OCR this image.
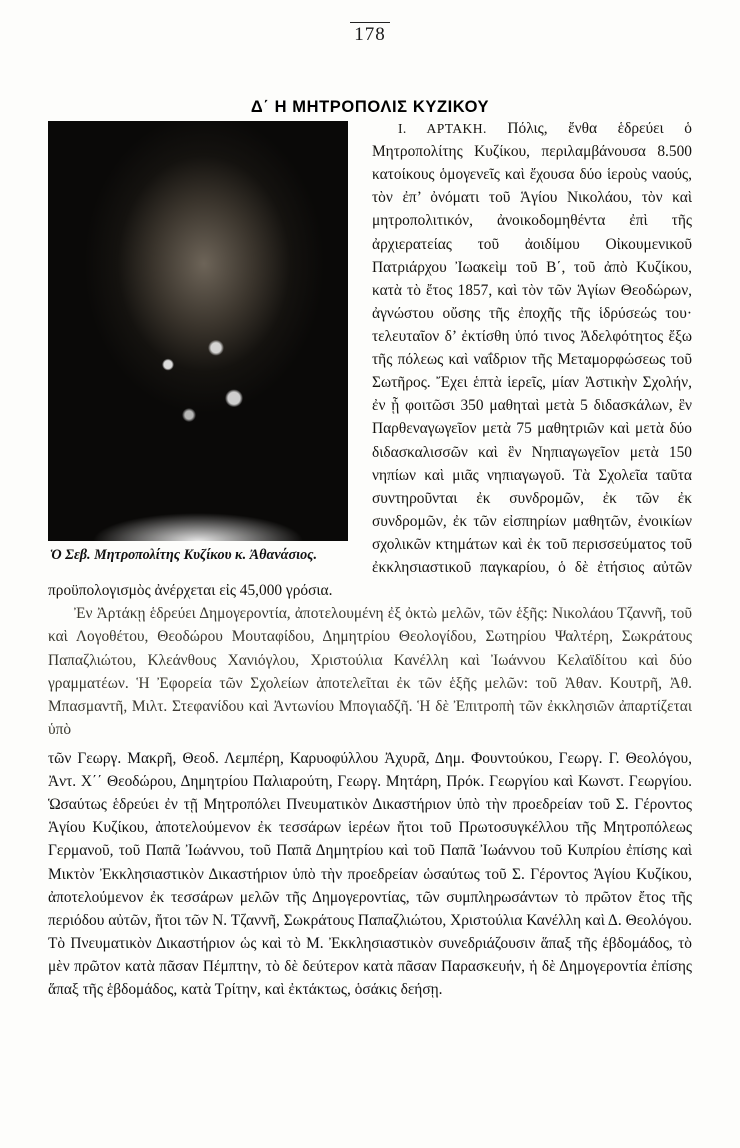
178
Δ΄ Η ΜΗΤΡΟΠΟΛΙΣ ΚΥΖΙΚΟΥ
Ὁ Σεβ. Μητροπολίτης Κυζίκου κ. Ἀθανάσιος.

Ι. ΑΡΤΑΚΗ. Πόλις, ἔνθα ἑδρεύει ὁ Μητροπολίτης Κυζίκου, περιλαμβάνουσα 8.500 κατοίκους ὁμογενεῖς καὶ ἔχουσα δύο ἱεροὺς ναούς, τὸν ἐπ’ ὀνόματι τοῦ Ἁγίου Νικολάου, τὸν καὶ μητροπολιτικόν, ἀνοικοδομηθέντα ἐπὶ τῆς ἀρχιερατείας τοῦ ἀοιδίμου Οἰκουμενικοῦ Πατριάρχου Ἰωακεὶμ τοῦ Β΄, τοῦ ἀπὸ Κυζίκου, κατὰ τὸ ἔτος 1857, καὶ τὸν τῶν Ἁγίων Θεοδώρων, ἀγνώστου οὔσης τῆς ἐποχῆς τῆς ἱδρύσεώς του· τελευταῖον δ’ ἐκτίσθη ὑπό τινος Ἀδελφότητος ἔξω τῆς πόλεως καὶ ναΐδριον τῆς Μεταμορφώσεως τοῦ Σωτῆρος. Ἔχει ἑπτὰ ἱερεῖς, μίαν Ἀστικὴν Σχολήν, ἐν ᾗ φοιτῶσι 350 μαθηταὶ μετὰ 5 διδασκάλων, ἓν Παρθεναγωγεῖον μετὰ 75 μαθητριῶν καὶ μετὰ δύο διδασκαλισσῶν καὶ ἓν Νηπιαγωγεῖον μετὰ 150 νηπίων καὶ μιᾶς νηπιαγωγοῦ. Τὰ Σχολεῖα ταῦτα συντηροῦνται ἐκ συνδρομῶν, ἐκ τῶν ἐκ συνδρομῶν, ἐκ τῶν εἰσπηρίων μαθητῶν, ἐνοικίων σχολικῶν κτημάτων καὶ ἐκ τοῦ περισσεύματος τοῦ ἐκκλησιαστικοῦ παγκαρίου, ὁ δὲ ἐτήσιος αὐτῶν προϋπολογισμὸς ἀνέρχεται εἰς 45,000 γρόσια.

Ἐν Ἀρτάκῃ ἑδρεύει Δημογεροντία, ἀποτελουμένη ἐξ ὀκτὼ μελῶν, τῶν ἑξῆς: Νικολάου Τζαννῆ, τοῦ καὶ Λογοθέτου, Θεοδώρου Μουταφίδου, Δημητρίου Θεολογίδου, Σωτηρίου Ψαλτέρη, Σωκράτους Παπαζλιώτου, Κλεάνθους Χανιόγλου, Χριστούλια Κανέλλη καὶ Ἰωάννου Κελαϊδίτου καὶ δύο γραμματέων. Ἡ Ἐφορεία τῶν Σχολείων ἀποτελεῖται ἐκ τῶν ἑξῆς μελῶν: τοῦ Ἀθαν. Κουτρῆ, Ἀθ. Μπασμαντῆ, Μιλτ. Στεφανίδου καὶ Ἀντωνίου Μπογιαδζῆ. Ἡ δὲ Ἐπιτροπὴ τῶν ἐκκλησιῶν ἀπαρτίζεται ὑπὸ

τῶν Γεωργ. Μακρῆ, Θεοδ. Λεμπέρη, Καρυοφύλλου Ἀχυρᾶ, Δημ. Φουντούκου, Γεωργ. Γ. Θεολόγου, Ἀντ. Χ΄΄ Θεοδώρου, Δημητρίου Παλιαρούτη, Γεωργ. Μητάρη, Πρόκ. Γεωργίου καὶ Κωνστ. Γεωργίου. Ὡσαύτως ἑδρεύει ἐν τῇ Μητροπόλει Πνευματικὸν Δικαστήριον ὑπὸ τὴν προεδρείαν τοῦ Σ. Γέροντος Ἁγίου Κυζίκου, ἀποτελούμενον ἐκ τεσσάρων ἱερέων ἤτοι τοῦ Πρωτοσυγκέλλου τῆς Μητροπόλεως Γερμανοῦ, τοῦ Παπᾶ Ἰωάννου, τοῦ Παπᾶ Δημητρίου καὶ τοῦ Παπᾶ Ἰωάννου τοῦ Κυπρίου ἐπίσης καὶ Μικτὸν Ἐκκλησιαστικὸν Δικαστήριον ὑπὸ τὴν προεδρείαν ὡσαύτως τοῦ Σ. Γέροντος Ἁγίου Κυζίκου, ἀποτελούμενον ἐκ τεσσάρων μελῶν τῆς Δημογεροντίας, τῶν συμπληρωσάντων τὸ πρῶτον ἔτος τῆς περιόδου αὐτῶν, ἤτοι τῶν Ν. Τζαννῆ, Σωκράτους Παπαζλιώτου, Χριστούλια Κανέλλη καὶ Δ. Θεολόγου. Τὸ Πνευματικὸν Δικαστήριον ὡς καὶ τὸ Μ. Ἐκκλησιαστικὸν συνεδριάζουσιν ἅπαξ τῆς ἑβδομάδος, τὸ μὲν πρῶτον κατὰ πᾶσαν Πέμπτην, τὸ δὲ δεύτερον κατὰ πᾶσαν Παρασκευήν, ἡ δὲ Δημογεροντία ἐπίσης ἅπαξ τῆς ἑβδομάδος, κατὰ Τρίτην, καὶ ἐκτάκτως, ὁσάκις δεήσῃ.
